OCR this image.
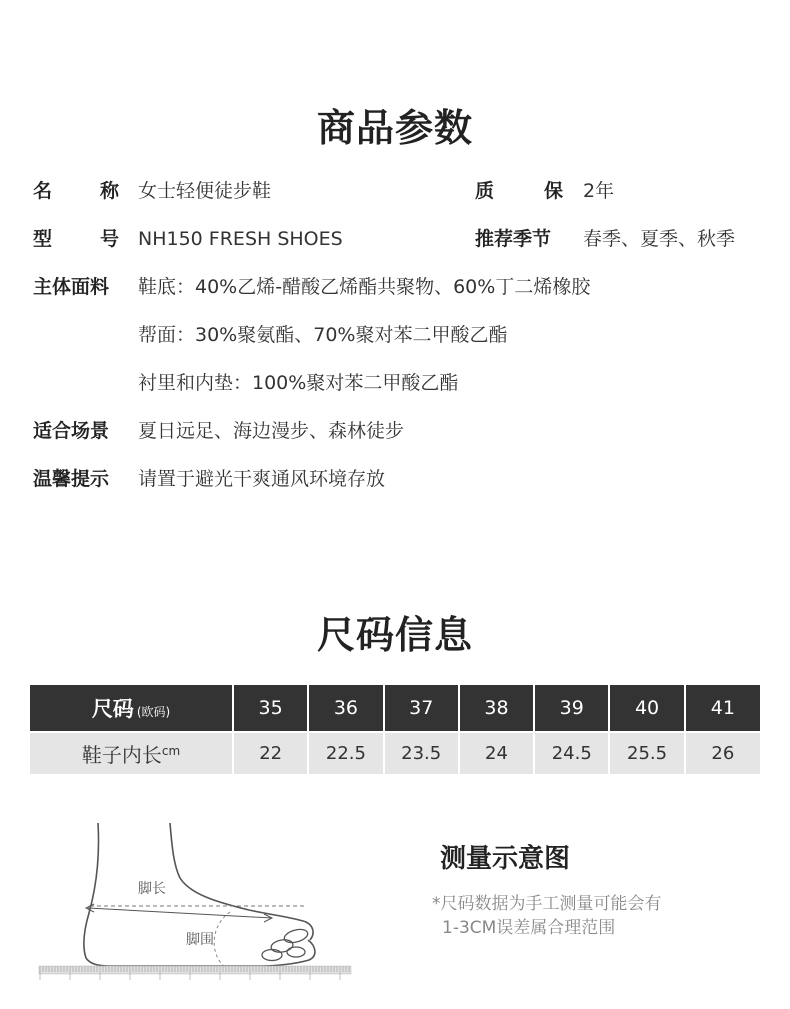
商品参数
名	称 女士轻便徒步鞋	质	保 2年
型	号 NH150 FRESH SHOES	推荐季节	春季、夏季、秋季
主体面料	鞋底：40%乙烯-醋酸乙烯酯共聚物、60%丁二烯橡胶
帮面：30%聚氨酯、70%聚对苯二甲酸乙酯
衬里和内垫：100%聚对苯二甲酸乙酯
适合场景	夏日远足、海边漫步、森林徒步
温馨提示	请置于避光干爽通风环境存放
尺码信息
尺码 (欧码)	35	36	37	38	39	40	41
鞋子内长$^{cm}$	22	22.5	23.5	24	24.5	25.5	26
脚长
脚围
测量示意图
*尺码数据为手工测量可能会有
1-3CM误差属合理范围
